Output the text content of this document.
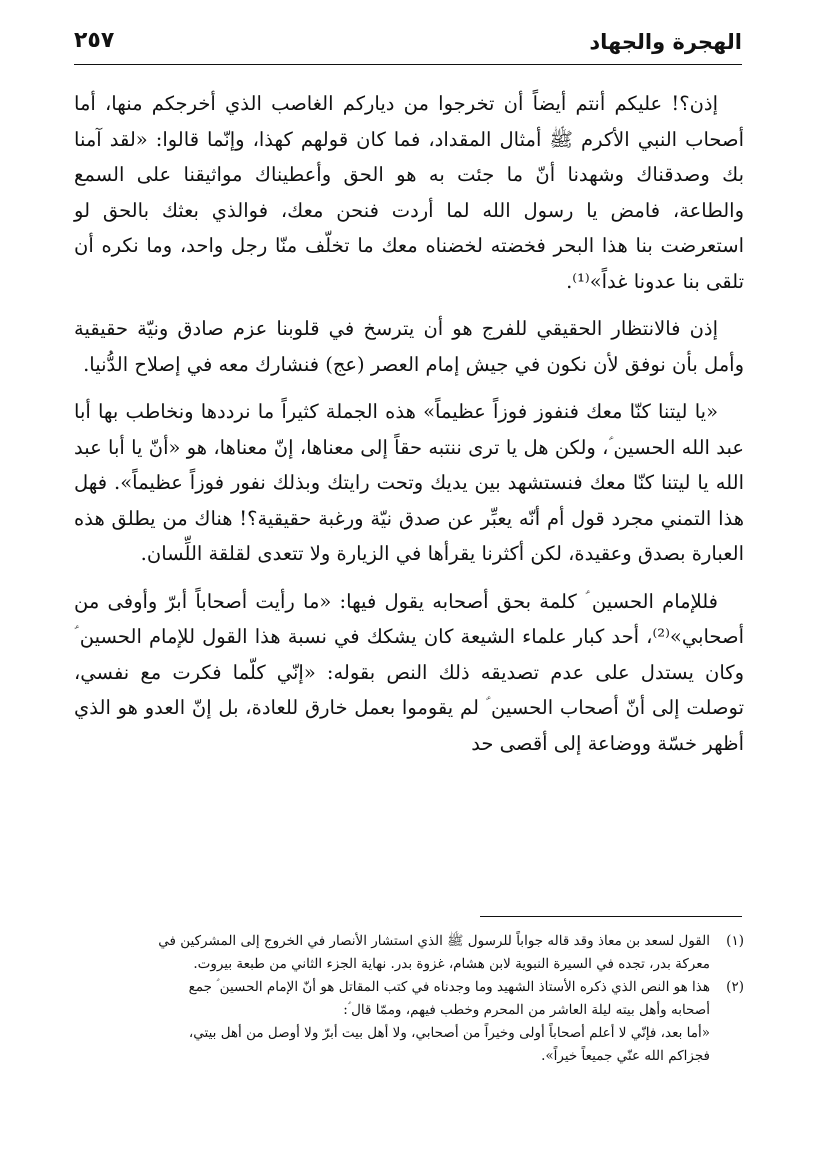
الهجرة والجهاد
٢٥٧

إذن؟! عليكم أنتم أيضاً أن تخرجوا من دياركم الغاصب الذي أخرجكم منها، أما أصحاب النبي الأكرم ﷺ أمثال المقداد، فما كان قولهم كهذا، وإنّما قالوا: «لقد آمنا بك وصدقناك وشهدنا أنّ ما جئت به هو الحق وأعطيناك مواثيقنا على السمع والطاعة، فامض يا رسول الله لما أردت فنحن معك، فوالذي بعثك بالحق لو استعرضت بنا هذا البحر فخضته لخضناه معك ما تخلّف منّا رجل واحد، وما نكره أن تلقى بنا عدونا غداً»⁽¹⁾.

إذن فالانتظار الحقيقي للفرج هو أن يترسخ في قلوبنا عزم صادق ونيّة حقيقية وأمل بأن نوفق لأن نكون في جيش إمام العصر (عج) فنشارك معه في إصلاح الدُّنيا.

«يا ليتنا كنّا معك فنفوز فوزاً عظيماً» هذه الجملة كثيراً ما نرددها ونخاطب بها أبا عبد الله الحسين ؑ، ولكن هل يا ترى ننتبه حقاً إلى معناها، إنّ معناها، هو «أنّ يا أبا عبد الله يا ليتنا كنّا معك فنستشهد بين يديك وتحت رايتك وبذلك نفور فوزاً عظيماً». فهل هذا التمني مجرد قول أم أنّه يعبِّر عن صدق نيّة ورغبة حقيقية؟! هناك من يطلق هذه العبارة بصدق وعقيدة، لكن أكثرنا يقرأها في الزيارة ولا تتعدى لقلقة اللِّسان.

فللإمام الحسين ؑ كلمة بحق أصحابه يقول فيها: «ما رأيت أصحاباً أبرّ وأوفى من أصحابي»⁽²⁾، أحد كبار علماء الشيعة كان يشكك في نسبة هذا القول للإمام الحسين ؑ وكان يستدل على عدم تصديقه ذلك النص بقوله: «إنّي كلّما فكرت مع نفسي، توصلت إلى أنّ أصحاب الحسين ؑ لم يقوموا بعمل خارق للعادة، بل إنّ العدو هو الذي أظهر خسّة ووضاعة إلى أقصى حد

(١)
القول لسعد بن معاذ وقد قاله جواباً للرسول ﷺ الذي استشار الأنصار في الخروج إلى المشركين في
معركة بدر، تجده في السيرة النبوية لابن هشام، غزوة بدر. نهاية الجزء الثاني من طبعة بيروت.
(٢)
هذا هو النص الذي ذكره الأستاذ الشهيد وما وجدناه في كتب المقاتل هو أنّ الإمام الحسين ؑ جمع
أصحابه وأهل بيته ليلة العاشر من المحرم وخطب فيهم، وممّا قال ؑ:
«أما بعد، فإنّي لا أعلم أصحاباً أولى وخيراً من أصحابي، ولا أهل بيت أبرّ ولا أوصل من أهل بيتي،
فجزاكم الله عنّي جميعاً خيراً».
